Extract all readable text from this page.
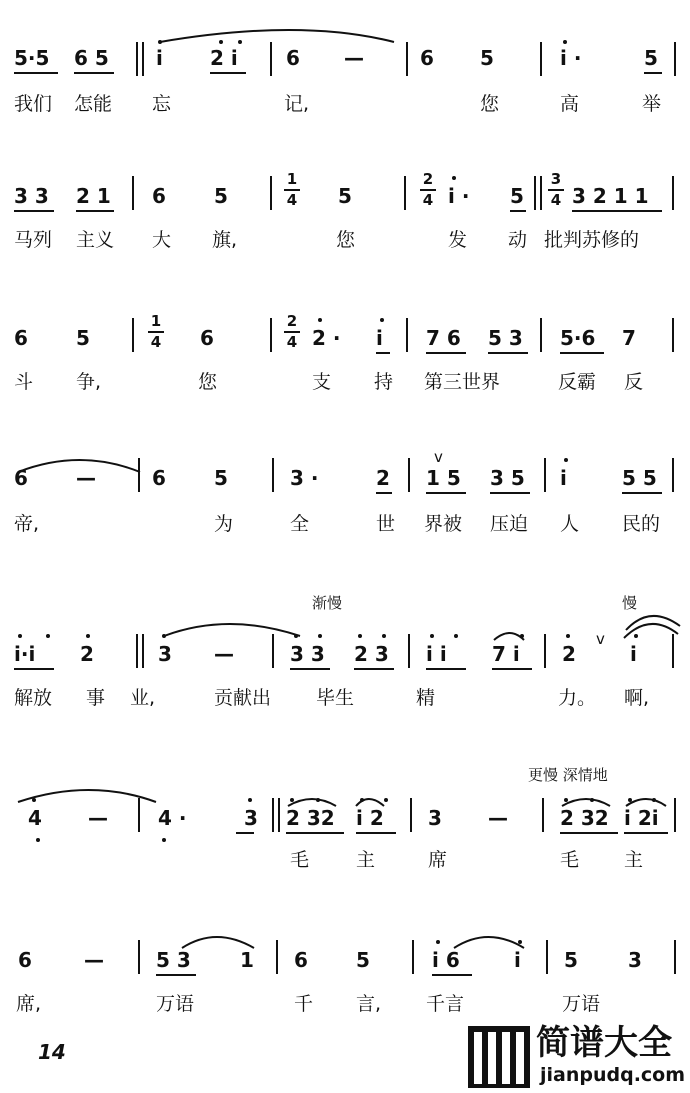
5·5 6 5 i 2 i 6 —	6 5	i ·	5
我们 怎能 忘	记,	您	高	举
3 3 2 1 6 5
1
4 5
2
4 i · 5
3
4 3 2 1 1
马列 主义 大 旗,	您	发 动 批判苏修的
6 5
1
4 6
2
4 2 · i 7 6 5 3 5·6 7
斗 争,	您	支 持 第三世界	反霸 反
6 —	6 5	3 ·	2 1 5
v
3 5 i	5 5
帝,	为	全	世 界被 压迫 人 民的
渐慢	慢
i·i 2	3 —	3 3 2 3 i i 7 i 2
v
i
解放 事 业,	贡献出 毕生	精	力。 啊,
更慢 深情地
4 —	4 ·	3 2 32 i 2 3 —	2 32 i 2i
毛 主	席	毛 主
6	—	5 3 1 6 5	i 6	i 5	3
席,	万语	千 言, 千言	万语
14	简谱大全
jianpudq.com
